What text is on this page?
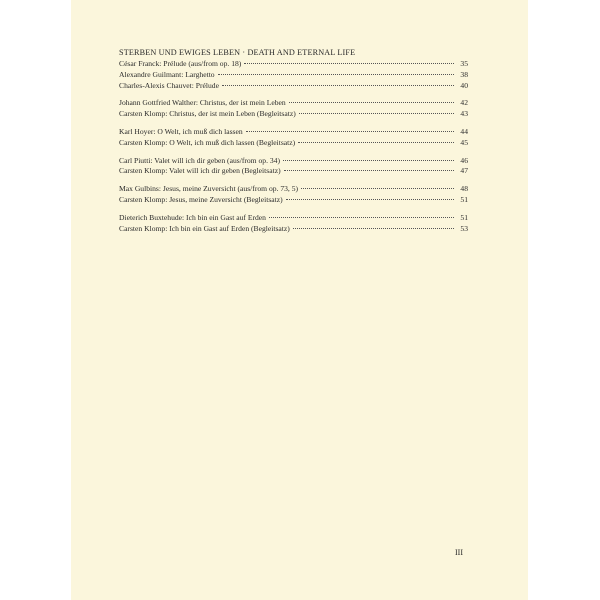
STERBEN UND EWIGES LEBEN · DEATH AND ETERNAL LIFE
César Franck: Prélude (aus/from op. 18)	35
Alexandre Guilmant: Larghetto	38
Charles-Alexis Chauvet: Prélude	40
Johann Gottfried Walther: Christus, der ist mein Leben	42
Carsten Klomp: Christus, der ist mein Leben (Begleitsatz)	43
Karl Hoyer: O Welt, ich muß dich lassen	44
Carsten Klomp: O Welt, ich muß dich lassen (Begleitsatz)	45
Carl Piutti: Valet will ich dir geben (aus/from op. 34)	46
Carsten Klomp: Valet will ich dir geben (Begleitsatz)	47
Max Gulbins: Jesus, meine Zuversicht (aus/from op. 73, 5)	48
Carsten Klomp: Jesus, meine Zuversicht (Begleitsatz)	51
Dieterich Buxtehude: Ich bin ein Gast auf Erden	51
Carsten Klomp: Ich bin ein Gast auf Erden (Begleitsatz)	53
III
